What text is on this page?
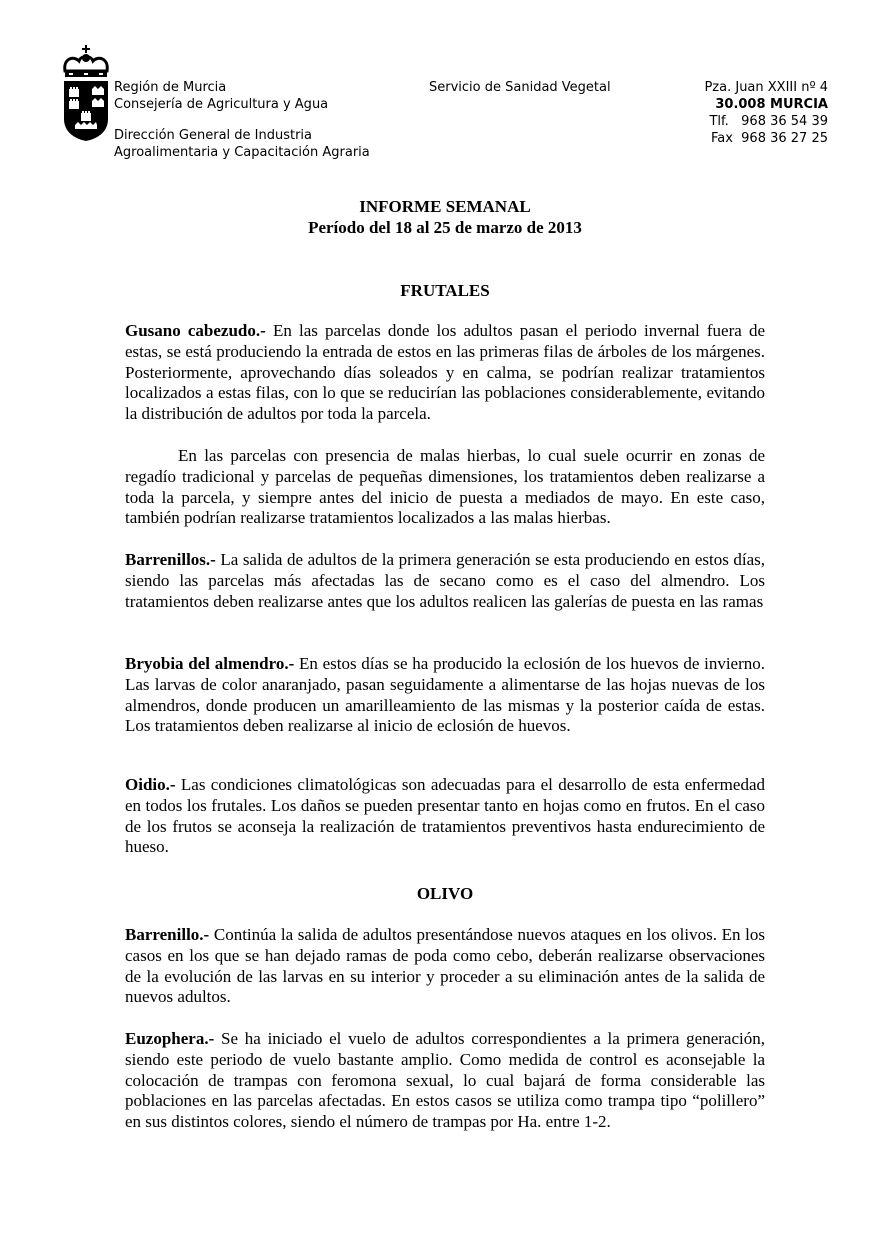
Región de Murcia
Consejería de Agricultura y Agua
Dirección General de Industria
Agroalimentaria y Capacitación Agraria
Servicio de Sanidad Vegetal	Pza. Juan XXIII nº 4
30.008 MURCIA
Tlf.   968 36 54 39
Fax  968 36 27 25
INFORME SEMANAL
Período del 18 al 25 de marzo de 2013
FRUTALES

Gusano cabezudo.- En las parcelas donde los adultos pasan el periodo invernal fuera de estas, se está produciendo la entrada de estos en las primeras filas de árboles de los márgenes. Posteriormente, aprovechando días soleados y en calma, se podrían realizar tratamientos localizados a estas filas, con lo que se reducirían las poblaciones considerablemente, evitando la distribución de adultos por toda la parcela.

En las parcelas con presencia de malas hierbas, lo cual suele ocurrir en zonas de regadío tradicional y parcelas de pequeñas dimensiones, los tratamientos deben realizarse a toda la parcela, y siempre antes del inicio de puesta a mediados de mayo. En este caso, también podrían realizarse tratamientos localizados a las malas hierbas.

Barrenillos.- La salida de adultos de la primera generación se esta produciendo en estos días, siendo las parcelas más afectadas las de secano como es el caso del almendro. Los tratamientos deben realizarse antes que los adultos realicen las galerías de puesta en las ramas

Bryobia del almendro.- En estos días se ha producido la eclosión de los huevos de invierno. Las larvas de color anaranjado, pasan seguidamente a alimentarse de las hojas nuevas de los almendros, donde producen un amarilleamiento de las mismas y la posterior caída de estas. Los tratamientos deben realizarse al inicio de eclosión de huevos.

Oidio.- Las condiciones climatológicas son adecuadas para el desarrollo de esta enfermedad en todos los frutales. Los daños se pueden presentar tanto en hojas como en frutos. En el caso de los frutos se aconseja la realización de tratamientos preventivos hasta endurecimiento de hueso.

OLIVO

Barrenillo.- Continúa la salida de adultos presentándose nuevos ataques en los olivos. En los casos en los que se han dejado ramas de poda como cebo, deberán realizarse observaciones de la evolución de las larvas en su interior y proceder a su eliminación antes de la salida de nuevos adultos.

Euzophera.- Se ha iniciado el vuelo de adultos correspondientes a la primera generación, siendo este periodo de vuelo bastante amplio. Como medida de control es aconsejable la colocación de trampas con feromona sexual, lo cual bajará de forma considerable las poblaciones en las parcelas afectadas. En estos casos se utiliza como trampa tipo “polillero” en sus distintos colores, siendo el número de trampas por Ha. entre 1-2.
